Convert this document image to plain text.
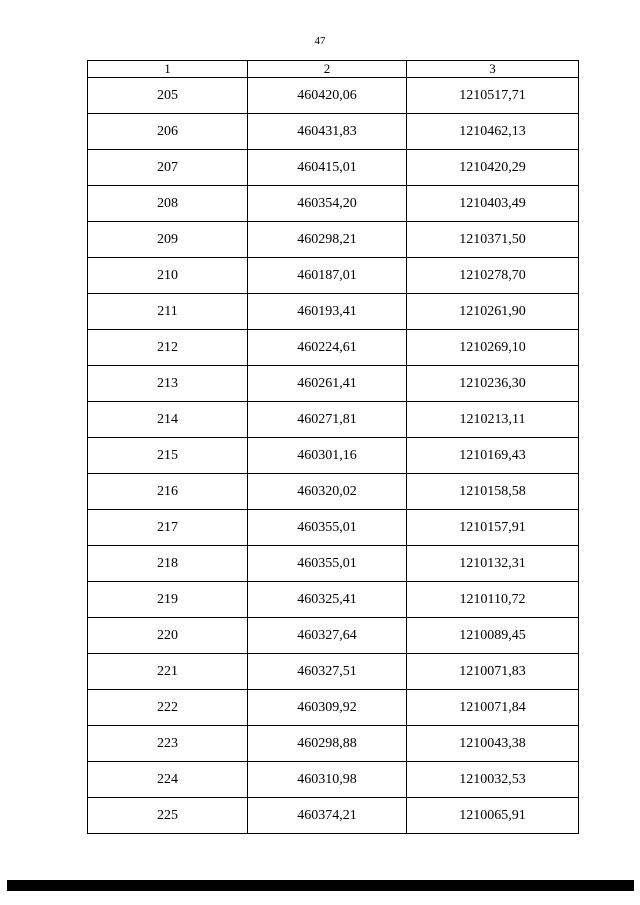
47
1	2	3
205	460420,06	1210517,71
206	460431,83	1210462,13
207	460415,01	1210420,29
208	460354,20	1210403,49
209	460298,21	1210371,50
210	460187,01	1210278,70
211	460193,41	1210261,90
212	460224,61	1210269,10
213	460261,41	1210236,30
214	460271,81	1210213,11
215	460301,16	1210169,43
216	460320,02	1210158,58
217	460355,01	1210157,91
218	460355,01	1210132,31
219	460325,41	1210110,72
220	460327,64	1210089,45
221	460327,51	1210071,83
222	460309,92	1210071,84
223	460298,88	1210043,38
224	460310,98	1210032,53
225	460374,21	1210065,91
